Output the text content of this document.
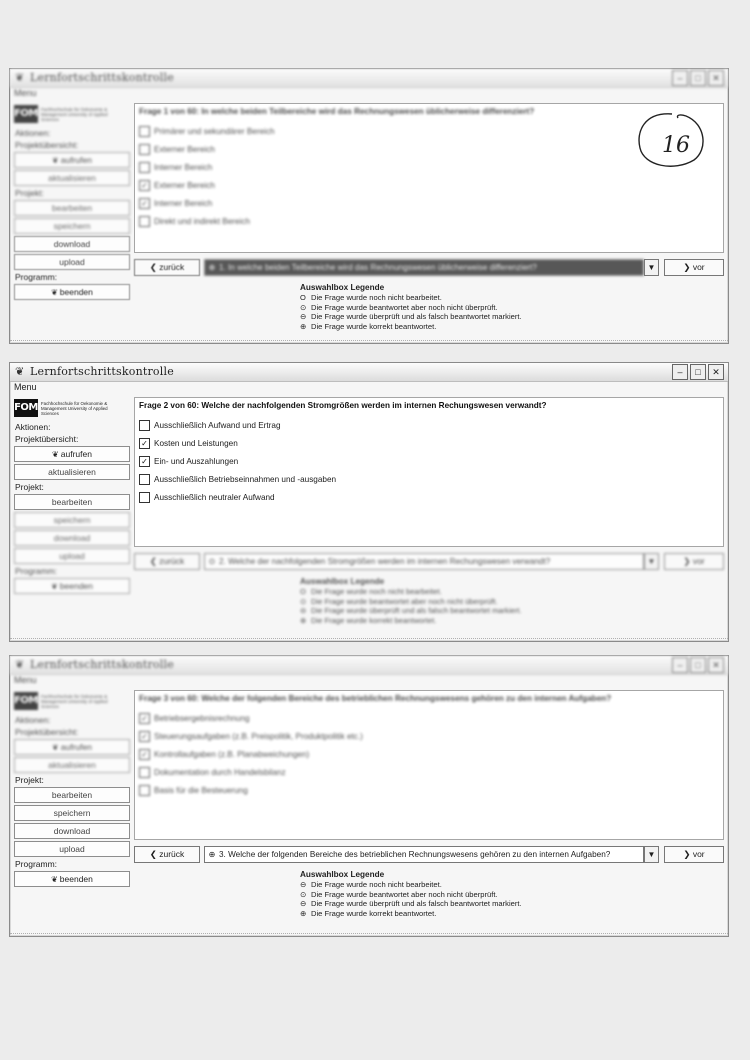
❦ Lernfortschrittskontrolle	–	□	✕
Menu
FOM Fachhochschule für Oekonomie & Management University of Applied Sciences
Aktionen:
Projektübersicht:
❦ aufrufen
aktualisieren
Projekt:
bearbeiten
speichern
download
upload
Programm:
❦ beenden
Frage 1 von 60: In welche beiden Teilbereiche wird das Rechnungswesen üblicherweise differenziert?
Primärer und sekundärer Bereich
Externer Bereich
Interner Bereich
✓ Externer Bereich
✓ Interner Bereich
Direkt und indirekt Bereich
16
❮ zurück	⊕ 1. In welche beiden Teilbereiche wird das Rechnungswesen üblicherweise differenziert?	▼	❯ vor
Auswahlbox Legende
O Die Frage wurde noch nicht bearbeitet.
⊙ Die Frage wurde beantwortet aber noch nicht überprüft.
⊖ Die Frage wurde überprüft und als falsch beantwortet markiert.
⊕ Die Frage wurde korrekt beantwortet.
❦ Lernfortschrittskontrolle	–	□	✕
Menu
FOM Fachhochschule für Oekonomie & Management University of Applied Sciences
Aktionen:
Projektübersicht:
❦ aufrufen
aktualisieren
Projekt:
bearbeiten
speichern
download
upload
Programm:
❦ beenden
Frage 2 von 60: Welche der nachfolgenden Stromgrößen werden im internen Rechungswesen verwandt?
Ausschließlich Aufwand und Ertrag
✓ Kosten und Leistungen
✓ Ein- und Auszahlungen
Ausschließlich Betriebseinnahmen und -ausgaben
Ausschließlich neutraler Aufwand
❮ zurück	⊙ 2. Welche der nachfolgenden Stromgrößen werden im internen Rechungswesen verwandt?	▼	❯ vor
Auswahlbox Legende
O Die Frage wurde noch nicht bearbeitet.
⊙ Die Frage wurde beantwortet aber noch nicht überprüft.
⊖ Die Frage wurde überprüft und als falsch beantwortet markiert.
⊕ Die Frage wurde korrekt beantwortet.
❦ Lernfortschrittskontrolle	–	□	✕
Menu
FOM Fachhochschule für Oekonomie & Management University of Applied Sciences
Aktionen:
Projektübersicht:
❦ aufrufen
aktualisieren
Projekt:
bearbeiten
speichern
download
upload
Programm:
❦ beenden
Frage 3 von 60: Welche der folgenden Bereiche des betrieblichen Rechnungswesens gehören zu den internen Aufgaben?
✓ Betriebsergebnisrechnung
✓ Steuerungsaufgaben (z.B. Preispolitik, Produktpolitik etc.)
✓ Kontrollaufgaben (z.B. Planabweichungen)
Dokumentation durch Handelsbilanz
Basis für die Besteuerung
❮ zurück	⊕ 3. Welche der folgenden Bereiche des betrieblichen Rechnungswesens gehören zu den internen Aufgaben?	▼	❯ vor
Auswahlbox Legende
⊖ Die Frage wurde noch nicht bearbeitet.
⊙ Die Frage wurde beantwortet aber noch nicht überprüft.
⊖ Die Frage wurde überprüft und als falsch beantwortet markiert.
⊕ Die Frage wurde korrekt beantwortet.
